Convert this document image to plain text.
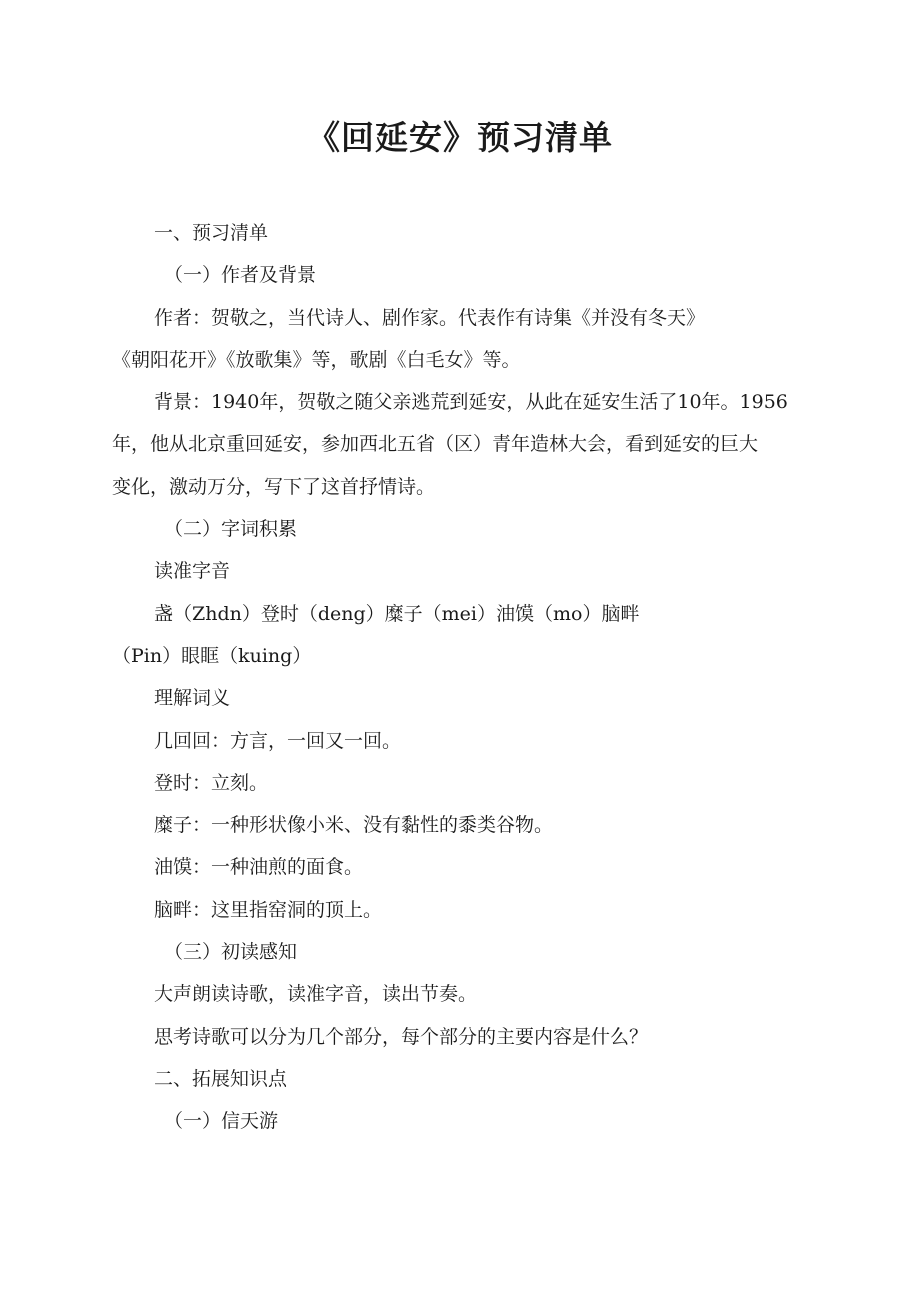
《回延安》预习清单

一、预习清单

（一）作者及背景

作者：贺敬之，当代诗人、剧作家。代表作有诗集《并没有冬天》

《朝阳花开》《放歌集》等，歌剧《白毛女》等。

背景：1940年，贺敬之随父亲逃荒到延安，从此在延安生活了10年。1956

年，他从北京重回延安，参加西北五省（区）青年造林大会，看到延安的巨大

变化，激动万分，写下了这首抒情诗。

（二）字词积累

读准字音

盏（Zhdn）登时（deng）糜子（mei）油馍（mo）脑畔

（Pin）眼眶（kuing）

理解词义

几回回：方言，一回又一回。

登时：立刻。

糜子：一种形状像小米、没有黏性的黍类谷物。

油馍：一种油煎的面食。

脑畔：这里指窑洞的顶上。

（三）初读感知

大声朗读诗歌，读准字音，读出节奏。

思考诗歌可以分为几个部分，每个部分的主要内容是什么？

二、拓展知识点

（一）信天游
